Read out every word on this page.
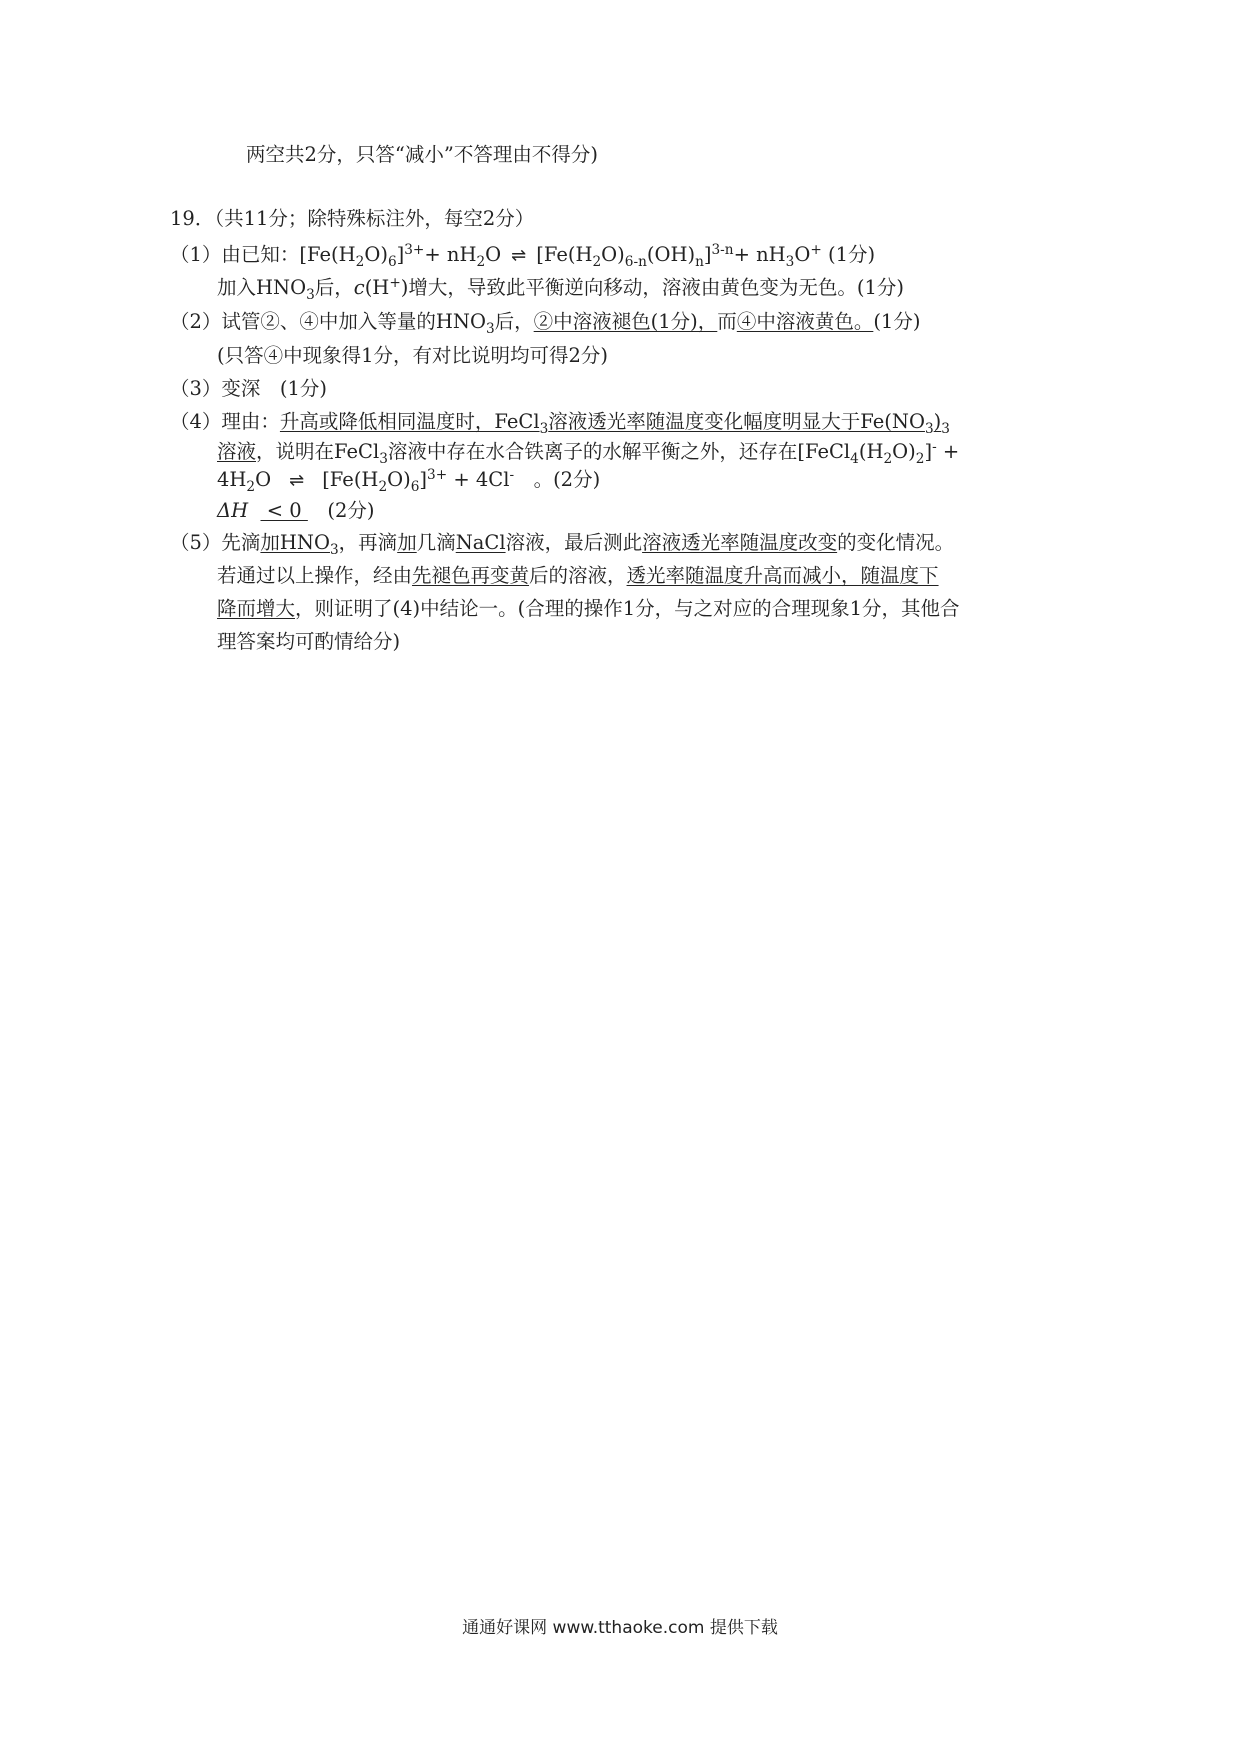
两空共2分，只答“减小”不答理由不得分)
19．（共11分；除特殊标注外，每空2分）
（1）由已知：$[Fe(H_2O)_6]^{3+}+ nH_2O$ ⇌ $[Fe(H_2O)_{6-n}(OH)_n]^{3-n}+ nH_3O^+$ (1分)
加入$HNO_3$后，c(H+)增大，导致此平衡逆向移动，溶液由黄色变为无色。(1分)
（2）试管②、④中加入等量的$HNO_3$后，②中溶液褪色(1分)，而④中溶液黄色。(1分)
(只答④中现象得1分，有对比说明均可得2分)
（3）变深　(1分)
（4）理由：升高或降低相同温度时，FeCl$_3$溶液透光率随温度变化幅度明显大于$Fe(NO_3)_3$
溶液，说明在FeCl$_3$溶液中存在水合铁离子的水解平衡之外，还存在$[FeCl_4(H_2O)_2]^-$ +
$4H_2O$ ⇌ $[Fe(H_2O)_6]^{3+} + 4Cl^-$　。(2分)
ΔH   < 0 　(2分)
（5）先滴加$HNO_3$，再滴加几滴NaCl溶液，最后测此溶液透光率随温度改变的变化情况。
若通过以上操作，经由先褪色再变黄后的溶液，透光率随温度升高而减小，随温度下
降而增大，则证明了(4)中结论一。(合理的操作1分，与之对应的合理现象1分，其他合
理答案均可酌情给分)
通通好课网 www.tthaoke.com 提供下载
